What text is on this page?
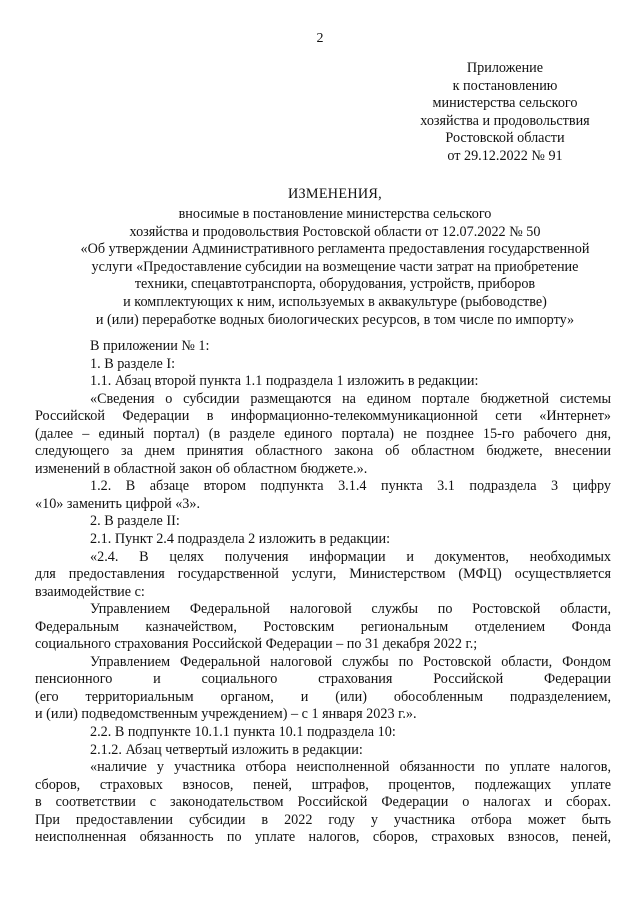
2
Приложение
к постановлению
министерства сельского
хозяйства и продовольствия
Ростовской области
от 29.12.2022 № 91
ИЗМЕНЕНИЯ,
вносимые в постановление министерства сельского
хозяйства и продовольствия Ростовской области от 12.07.2022 № 50
«Об утверждении Административного регламента предоставления государственной
услуги «Предоставление субсидии на возмещение части затрат на приобретение
техники, спецавтотранспорта, оборудования, устройств, приборов
и комплектующих к ним, используемых в аквакультуре (рыбоводстве)
и (или) переработке водных биологических ресурсов, в том числе по импорту»

В приложении № 1:

1. В разделе I:

1.1. Абзац второй пункта 1.1 подраздела 1 изложить в редакции:

«Сведения о субсидии размещаются на едином портале бюджетной системы

Российской Федерации в информационно-телекоммуникационной сети «Интернет»

(далее – единый портал) (в разделе единого портала) не позднее 15-го рабочего дня,

следующего за днем принятия областного закона об областном бюджете, внесении

изменений в областной закон об областном бюджете.».

1.2. В абзаце втором подпункта 3.1.4 пункта 3.1 подраздела 3 цифру

«10» заменить цифрой «3».

2. В разделе II:

2.1. Пункт 2.4 подраздела 2 изложить в редакции:

«2.4. В целях получения информации и документов, необходимых

для предоставления государственной услуги, Министерством (МФЦ) осуществляется

взаимодействие с:

Управлением Федеральной налоговой службы по Ростовской области,

Федеральным казначейством, Ростовским региональным отделением Фонда

социального страхования Российской Федерации – по 31 декабря 2022 г.;

Управлением Федеральной налоговой службы по Ростовской области, Фондом

пенсионного и социального страхования Российской Федерации

(его территориальным органом, и (или) обособленным подразделением,

и (или) подведомственным учреждением) – с 1 января 2023 г.».

2.2. В подпункте 10.1.1 пункта 10.1 подраздела 10:

2.1.2. Абзац четвертый изложить в редакции:

«наличие у участника отбора неисполненной обязанности по уплате налогов,

сборов, страховых взносов, пеней, штрафов, процентов, подлежащих уплате

в соответствии с законодательством Российской Федерации о налогах и сборах.

При предоставлении субсидии в 2022 году у участника отбора может быть

неисполненная обязанность по уплате налогов, сборов, страховых взносов, пеней,
